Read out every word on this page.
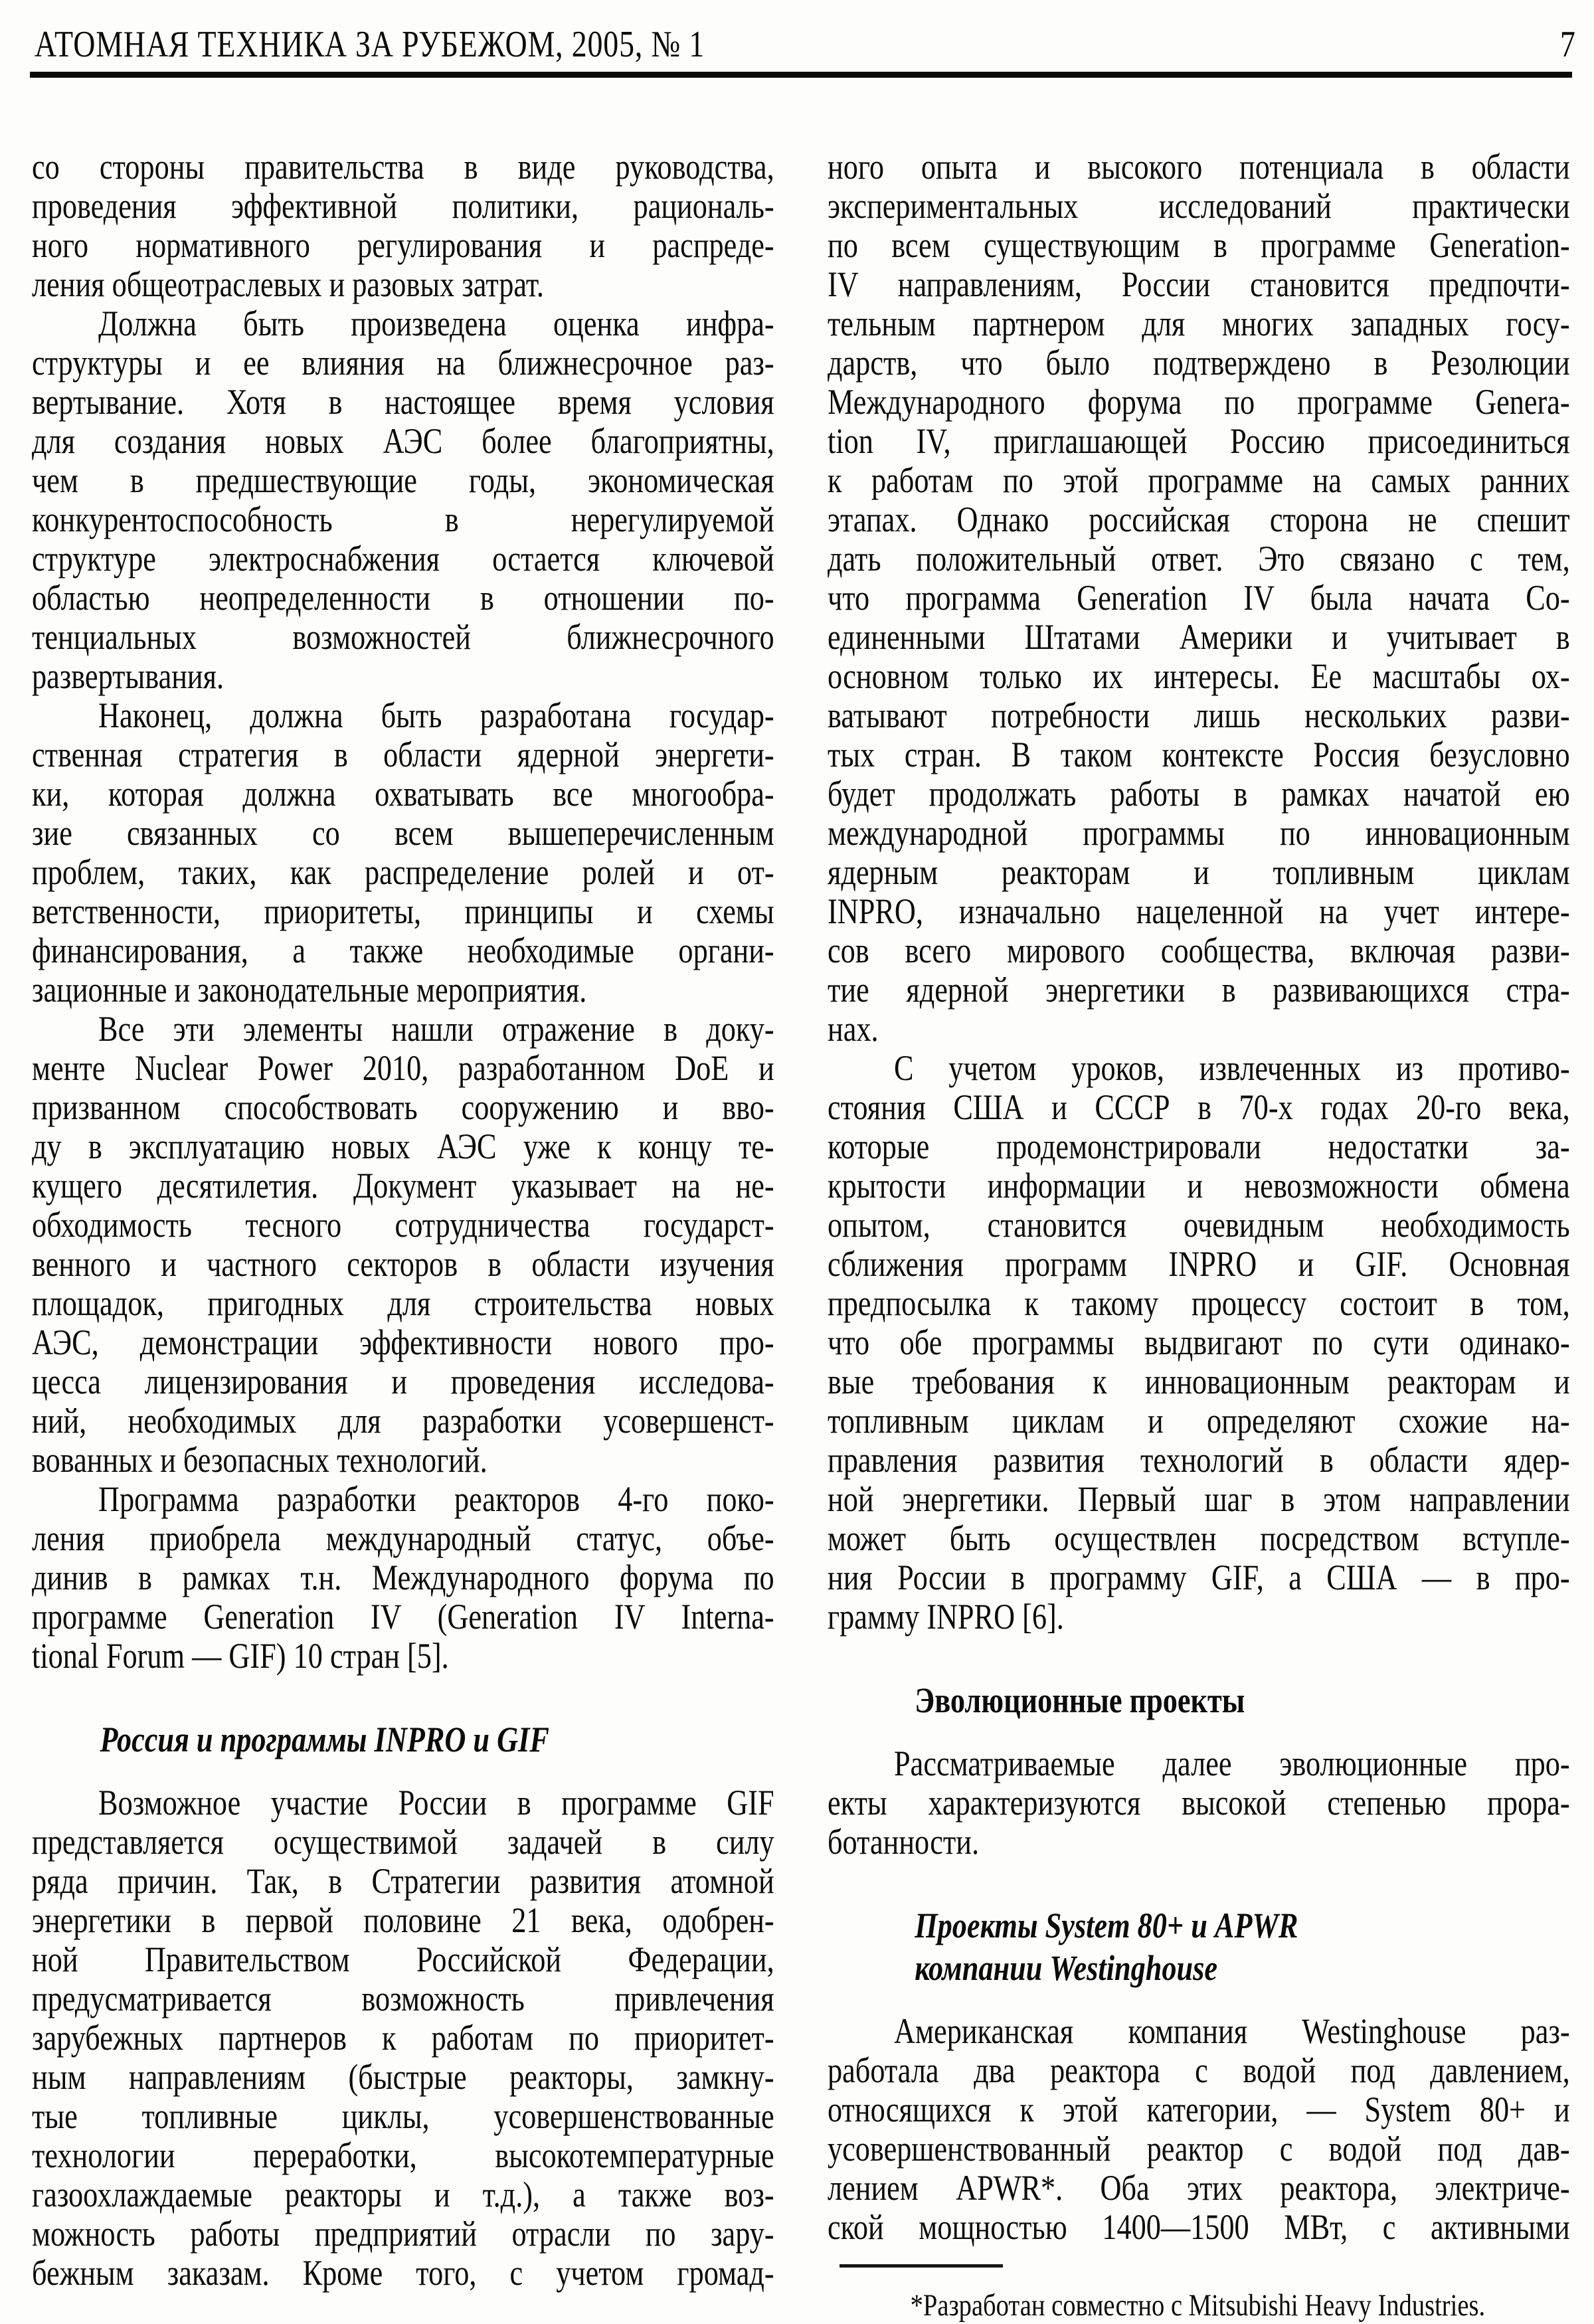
АТОМНАЯ ТЕХНИКА ЗА РУБЕЖОМ, 2005, № 1	7
со стороны правительства в виде руководства,
проведения эффективной политики, рациональ-
ного нормативного регулирования и распреде-
ления общеотраслевых и разовых затрат.
Должна быть произведена оценка инфра-
структуры и ее влияния на ближнесрочное раз-
вертывание. Хотя в настоящее время условия
для создания новых АЭС более благоприятны,
чем в предшествующие годы, экономическая
конкурентоспособность в нерегулируемой
структуре электроснабжения остается ключевой
областью неопределенности в отношении по-
тенциальных возможностей ближнесрочного
развертывания.
Наконец, должна быть разработана государ-
ственная стратегия в области ядерной энергети-
ки, которая должна охватывать все многообра-
зие связанных со всем вышеперечисленным
проблем, таких, как распределение ролей и от-
ветственности, приоритеты, принципы и схемы
финансирования, а также необходимые органи-
зационные и законодательные мероприятия.
Все эти элементы нашли отражение в доку-
менте Nuclear Power 2010, разработанном DoE и
призванном способствовать сооружению и вво-
ду в эксплуатацию новых АЭС уже к концу те-
кущего десятилетия. Документ указывает на не-
обходимость тесного сотрудничества государст-
венного и частного секторов в области изучения
площадок, пригодных для строительства новых
АЭС, демонстрации эффективности нового про-
цесса лицензирования и проведения исследова-
ний, необходимых для разработки усовершенст-
вованных и безопасных технологий.
Программа разработки реакторов 4-го поко-
ления приобрела международный статус, объе-
динив в рамках т.н. Международного форума по
программе Generation IV (Generation IV Interna-
tional Forum — GIF) 10 стран [5].
Россия и программы INPRO и GIF
Возможное участие России в программе GIF
представляется осуществимой задачей в силу
ряда причин. Так, в Стратегии развития атомной
энергетики в первой половине 21 века, одобрен-
ной Правительством Российской Федерации,
предусматривается возможность привлечения
зарубежных партнеров к работам по приоритет-
ным направлениям (быстрые реакторы, замкну-
тые топливные циклы, усовершенствованные
технологии переработки, высокотемпературные
газоохлаждаемые реакторы и т.д.), а также воз-
можность работы предприятий отрасли по зару-
бежным заказам. Кроме того, с учетом громад-
ного опыта и высокого потенциала в области
экспериментальных исследований практически
по всем существующим в программе Generation-
IV направлениям, России становится предпочти-
тельным партнером для многих западных госу-
дарств, что было подтверждено в Резолюции
Международного форума по программе Genera-
tion IV, приглашающей Россию присоединиться
к работам по этой программе на самых ранних
этапах. Однако российская сторона не спешит
дать положительный ответ. Это связано с тем,
что программа Generation IV была начата Со-
единенными Штатами Америки и учитывает в
основном только их интересы. Ее масштабы ох-
ватывают потребности лишь нескольких разви-
тых стран. В таком контексте Россия безусловно
будет продолжать работы в рамках начатой ею
международной программы по инновационным
ядерным реакторам и топливным циклам
INPRO, изначально нацеленной на учет интере-
сов всего мирового сообщества, включая разви-
тие ядерной энергетики в развивающихся стра-
нах.
С учетом уроков, извлеченных из противо-
стояния США и СССР в 70-х годах 20-го века,
которые продемонстрировали недостатки за-
крытости информации и невозможности обмена
опытом, становится очевидным необходимость
сближения программ INPRO и GIF. Основная
предпосылка к такому процессу состоит в том,
что обе программы выдвигают по сути одинако-
вые требования к инновационным реакторам и
топливным циклам и определяют схожие на-
правления развития технологий в области ядер-
ной энергетики. Первый шаг в этом направлении
может быть осуществлен посредством вступле-
ния России в программу GIF, а США — в про-
грамму INPRO [6].
Эволюционные проекты
Рассматриваемые далее эволюционные про-
екты характеризуются высокой степенью прора-
ботанности.
Проекты System 80+ и APWR
компании Westinghouse
Американская компания Westinghouse раз-
работала два реактора с водой под давлением,
относящихся к этой категории, — System 80+ и
усовершенствованный реактор с водой под дав-
лением APWR*. Оба этих реактора, электриче-
ской мощностью 1400—1500 МВт, с активными
*Разработан совместно с Mitsubishi Heavy Industries.
